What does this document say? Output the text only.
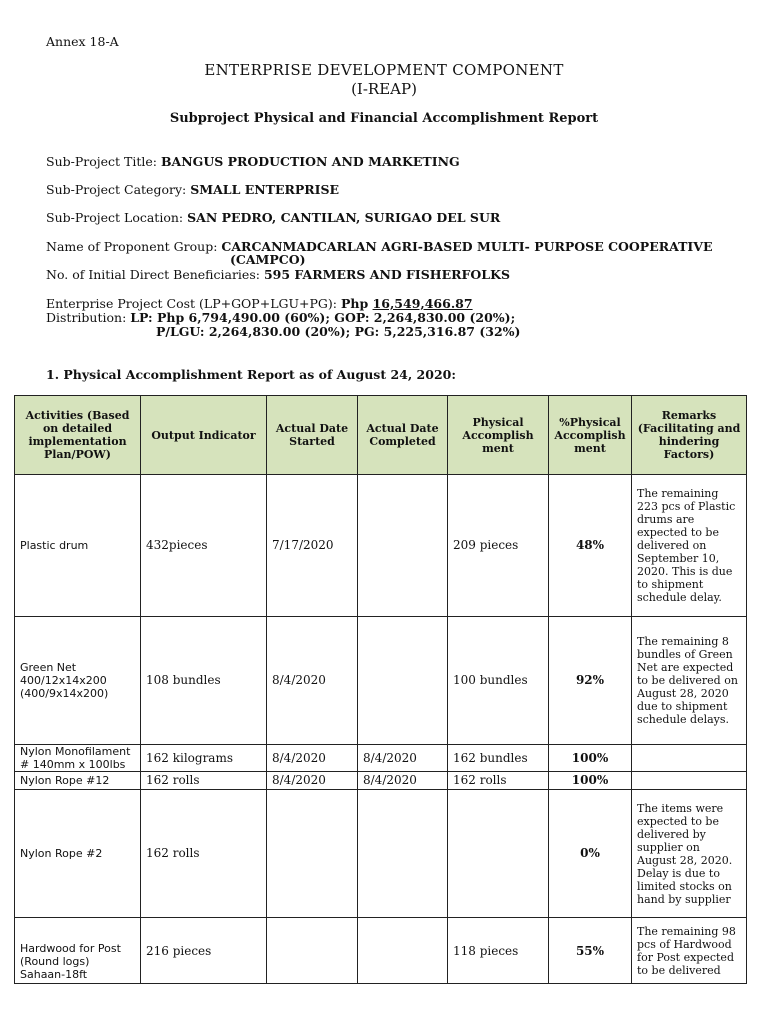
Annex 18-A
ENTERPRISE DEVELOPMENT COMPONENT
(I-REAP)
Subproject Physical and Financial Accomplishment Report
Sub-Project Title: BANGUS PRODUCTION AND MARKETING
Sub-Project Category: SMALL ENTERPRISE
Sub-Project Location: SAN PEDRO, CANTILAN, SURIGAO DEL SUR
Name of Proponent Group: CARCANMADCARLAN AGRI-BASED MULTI- PURPOSE COOPERATIVE
(CAMPCO)
No. of Initial Direct Beneficiaries: 595 FARMERS AND FISHERFOLKS
Enterprise Project Cost (LP+GOP+LGU+PG): Php 16,549,466.87
Distribution: LP: Php 6,794,490.00 (60%); GOP: 2,264,830.00 (20%);
P/LGU: 2,264,830.00 (20%); PG: 5,225,316.87 (32%)
1. Physical Accomplishment Report as of August 24, 2020:
Activities (Based on detailed implementation Plan/POW)	Output Indicator	Actual Date Started	Actual Date Completed	Physical Accomplish ment	%Physical Accomplish ment	Remarks (Facilitating and hindering Factors)
Plastic drum	432pieces	7/17/2020		209 pieces	48%	The remaining 223 pcs of Plastic drums are expected to be delivered on September 10, 2020. This is due to shipment schedule delay.
Green Net 400/12x14x200 (400/9x14x200)	108 bundles	8/4/2020		100 bundles	92%	The remaining 8 bundles of Green Net are expected to be delivered on August 28, 2020 due to shipment schedule delays.
Nylon Monofilament # 140mm x 100lbs	162 kilograms	8/4/2020	8/4/2020	162 bundles	100%	
Nylon Rope #12	162 rolls	8/4/2020	8/4/2020	162 rolls	100%	
Nylon Rope #2	162 rolls				0%	The items were expected to be delivered by supplier on August 28, 2020. Delay is due to limited stocks on hand by supplier
Hardwood for Post (Round logs) Sahaan-18ft	216 pieces			118 pieces	55%	The remaining 98 pcs of Hardwood for Post expected to be delivered
